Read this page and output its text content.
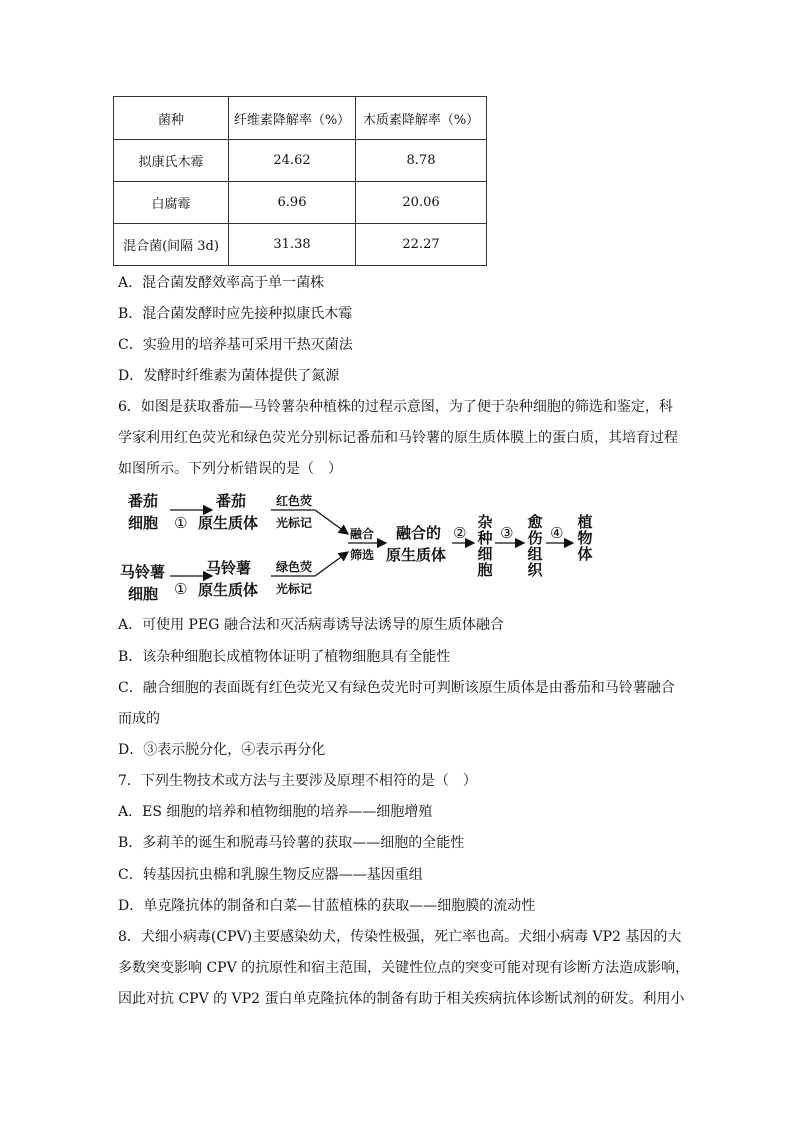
菌种	纤维素降解率（%）	木质素降解率（%）
拟康氏木霉	24.62	8.78
白腐霉	6.96	20.06
混合菌(间隔 3d)	31.38	22.27
A．混合菌发酵效率高于单一菌株
B．混合菌发酵时应先接种拟康氏木霉
C．实验用的培养基可采用干热灭菌法
D．发酵时纤维素为菌体提供了氮源
6．如图是获取番茄—马铃薯杂种植株的过程示意图，为了便于杂种细胞的筛选和鉴定，科
学家利用红色荧光和绿色荧光分别标记番茄和马铃薯的原生质体膜上的蛋白质，其培育过程
如图所示。下列分析错误的是（　）
番茄
细胞 ①
番茄
原生质体
红色荧
光标记
马铃薯
细胞 ①
马铃薯
原生质体
绿色荧
光标记
融合
筛选
融合的
原生质体
②
杂种细胞
③
愈伤组织
④
植物体
A．可使用 PEG 融合法和灭活病毒诱导法诱导的原生质体融合
B．该杂种细胞长成植物体证明了植物细胞具有全能性
C．融合细胞的表面既有红色荧光又有绿色荧光时可判断该原生质体是由番茄和马铃薯融合
而成的
D．③表示脱分化，④表示再分化
7．下列生物技术或方法与主要涉及原理不相符的是（　）
A．ES 细胞的培养和植物细胞的培养——细胞增殖
B．多莉羊的诞生和脱毒马铃薯的获取——细胞的全能性
C．转基因抗虫棉和乳腺生物反应器——基因重组
D．单克隆抗体的制备和白菜—甘蓝植株的获取——细胞膜的流动性
8．犬细小病毒(CPV)主要感染幼犬，传染性极强，死亡率也高。犬细小病毒 VP2 基因的大
多数突变影响 CPV 的抗原性和宿主范围，关键性位点的突变可能对现有诊断方法造成影响，
因此对抗 CPV 的 VP2 蛋白单克隆抗体的制备有助于相关疾病抗体诊断试剂的研发。利用小
